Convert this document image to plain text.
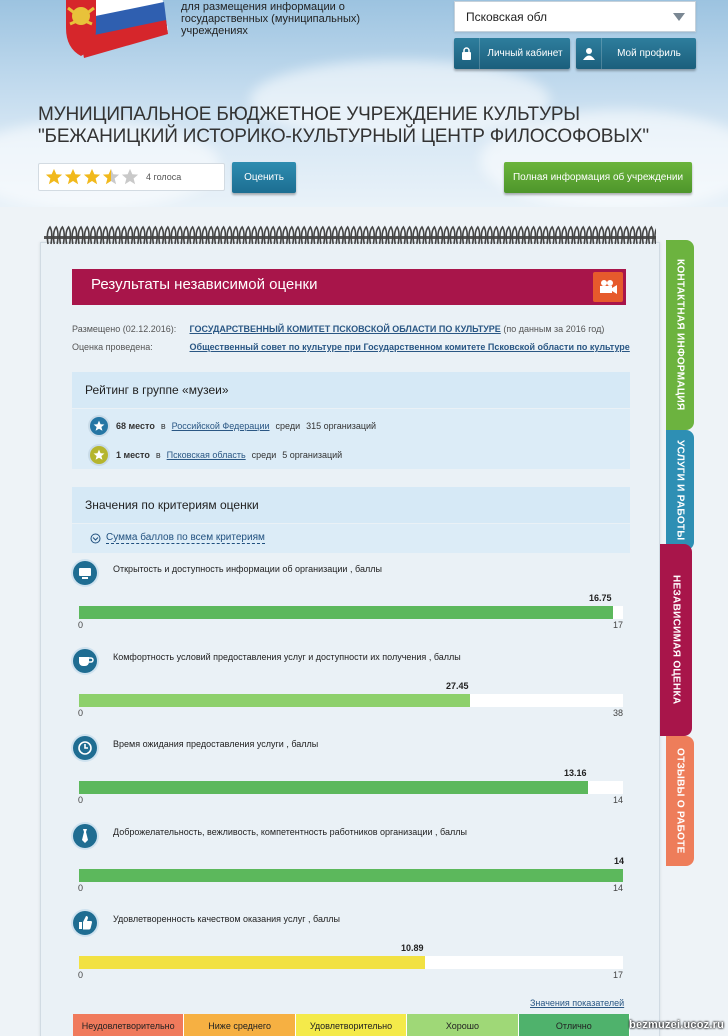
для размещения информации о государственных (муниципальных) учреждениях
Псковская обл
Личный кабинет	Мой профиль
МУНИЦИПАЛЬНОЕ БЮДЖЕТНОЕ УЧРЕЖДЕНИЕ КУЛЬТУРЫ "БЕЖАНИЦКИЙ ИСТОРИКО-КУЛЬТУРНЫЙ ЦЕНТР ФИЛОСОФОВЫХ"
4 голоса	Оценить	Полная информация об учреждении
Результаты независимой оценки
Размещено (02.12.2016): ГОСУДАРСТВЕННЫЙ КОМИТЕТ ПСКОВСКОЙ ОБЛАСТИ ПО КУЛЬТУРЕ (по данным за 2016 год)
Оценка проведена:	Общественный совет по культуре при Государственном комитете Псковской области по культуре
Рейтинг в группе «музеи»
68 место в Российской Федерации среди 315 организаций
1 место в Псковская область среди 5 организаций
Значения по критериям оценки
Сумма баллов по всем критериям
Открытость и доступность информации об организации , баллы
16.75
0	17
Комфортность условий предоставления услуг и доступности их получения , баллы
27.45
0	38
Время ожидания предоставления услуги , баллы
13.16
0	14
Доброжелательность, вежливость, компетентность работников организации , баллы
14
0	14
Удовлетворенность качеством оказания услуг , баллы
10.89
0	17
Значения показателей
Неудовлетворительно	Ниже среднего	Удовлетворительно	Хорошо	Отлично
КОНТАКТНАЯ ИНФОРМАЦИЯ
УСЛУГИ И РАБОТЫ
НЕЗАВИСИМАЯ ОЦЕНКА
ОТЗЫВЫ О РАБОТЕ
bezmuzei.ucoz.ru
